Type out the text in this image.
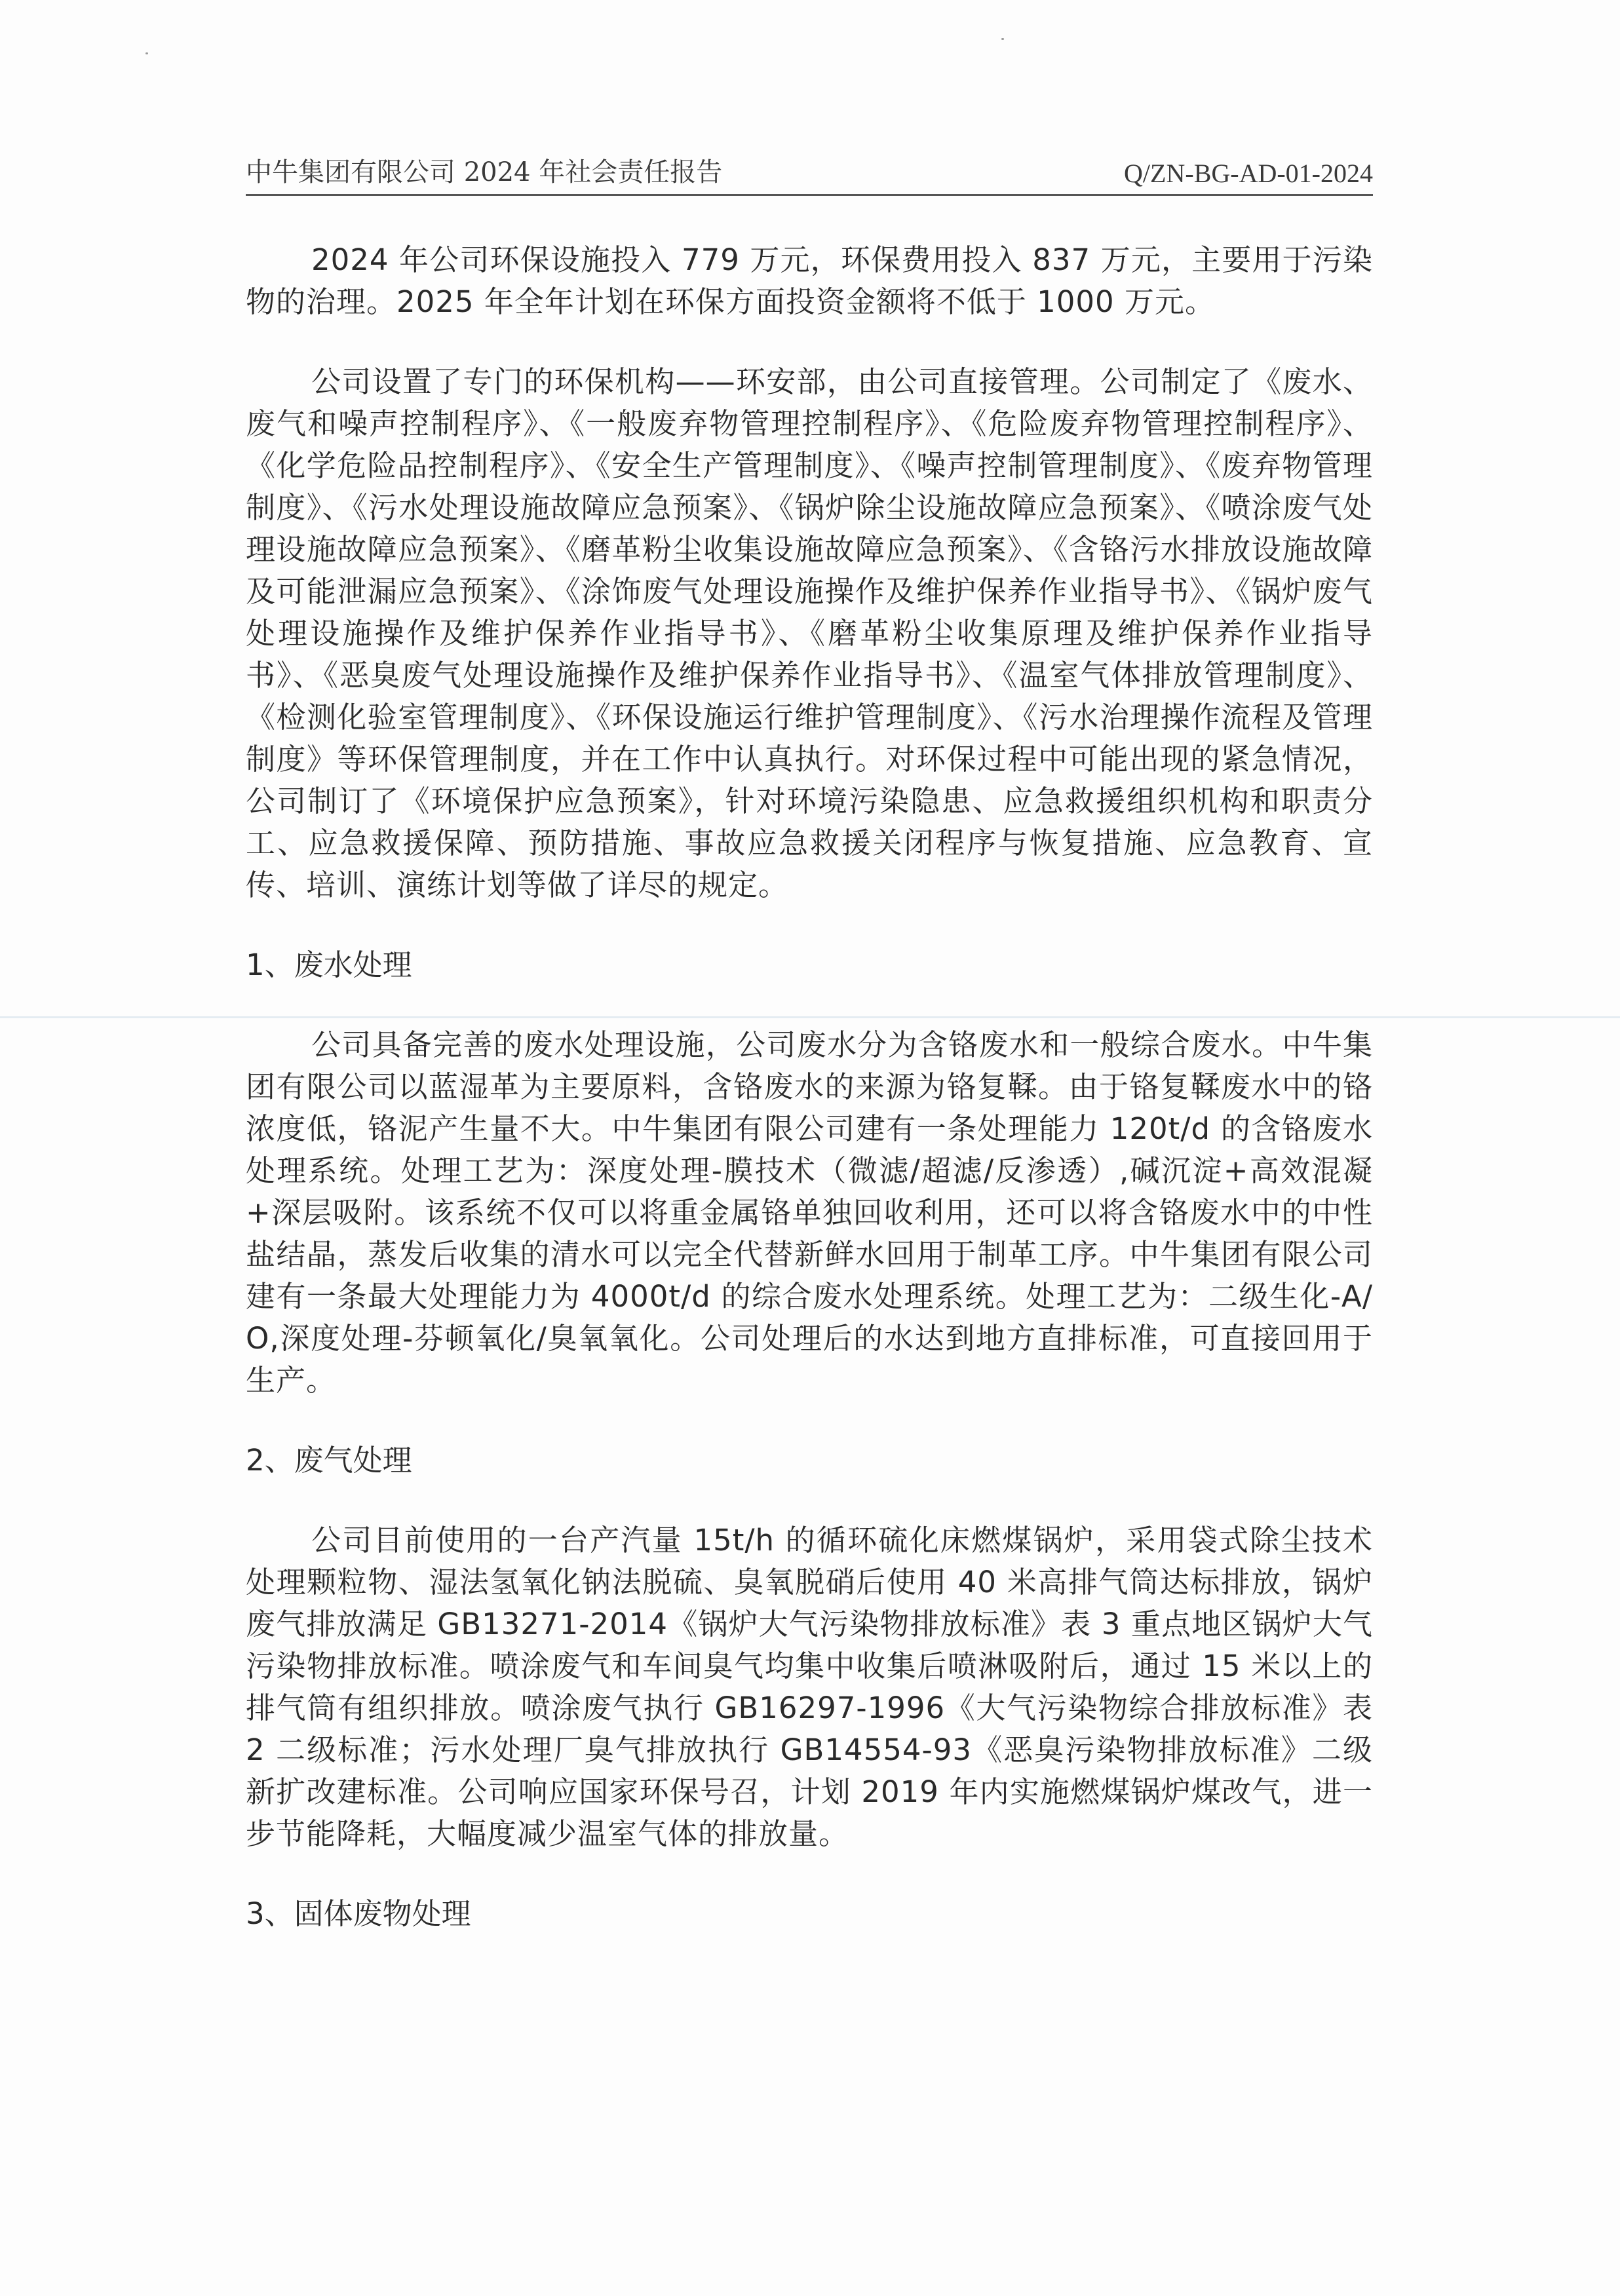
中牛集团有限公司 2024 年社会责任报告	Q/ZN-BG-AD-01-2024

2024 年公司环保设施投入 779 万元，环保费用投入 837 万元，主要用于污染物的治理。2025 年全年计划在环保方面投资金额将不低于 1000 万元。

公司设置了专门的环保机构——环安部，由公司直接管理。公司制定了《废水、废气和噪声控制程序》、《一般废弃物管理控制程序》、《危险废弃物管理控制程序》、《化学危险品控制程序》、《安全生产管理制度》、《噪声控制管理制度》、《废弃物管理制度》、《污水处理设施故障应急预案》、《锅炉除尘设施故障应急预案》、《喷涂废气处理设施故障应急预案》、《磨革粉尘收集设施故障应急预案》、《含铬污水排放设施故障及可能泄漏应急预案》、《涂饰废气处理设施操作及维护保养作业指导书》、《锅炉废气处理设施操作及维护保养作业指导书》、《磨革粉尘收集原理及维护保养作业指导书》、《恶臭废气处理设施操作及维护保养作业指导书》、《温室气体排放管理制度》、《检测化验室管理制度》、《环保设施运行维护管理制度》、《污水治理操作流程及管理制度》等环保管理制度，并在工作中认真执行。对环保过程中可能出现的紧急情况，公司制订了《环境保护应急预案》，针对环境污染隐患、应急救援组织机构和职责分工、应急救援保障、预防措施、事故应急救援关闭程序与恢复措施、应急教育、宣传、培训、演练计划等做了详尽的规定。

1、废水处理

公司具备完善的废水处理设施，公司废水分为含铬废水和一般综合废水。中牛集团有限公司以蓝湿革为主要原料，含铬废水的来源为铬复鞣。由于铬复鞣废水中的铬浓度低，铬泥产生量不大。中牛集团有限公司建有一条处理能力 120t/d 的含铬废水处理系统。处理工艺为：深度处理-膜技术（微滤/超滤/反渗透）,碱沉淀+高效混凝+深层吸附。该系统不仅可以将重金属铬单独回收利用，还可以将含铬废水中的中性盐结晶，蒸发后收集的清水可以完全代替新鲜水回用于制革工序。中牛集团有限公司建有一条最大处理能力为 4000t/d 的综合废水处理系统。处理工艺为：二级生化-A/O,深度处理-芬顿氧化/臭氧氧化。公司处理后的水达到地方直排标准，可直接回用于生产。

2、废气处理

公司目前使用的一台产汽量 15t/h 的循环硫化床燃煤锅炉，采用袋式除尘技术处理颗粒物、湿法氢氧化钠法脱硫、臭氧脱硝后使用 40 米高排气筒达标排放，锅炉废气排放满足 GB13271-2014《锅炉大气污染物排放标准》表 3 重点地区锅炉大气污染物排放标准。喷涂废气和车间臭气均集中收集后喷淋吸附后，通过 15 米以上的排气筒有组织排放。喷涂废气执行 GB16297-1996《大气污染物综合排放标准》表 2 二级标准；污水处理厂臭气排放执行 GB14554-93《恶臭污染物排放标准》二级新扩改建标准。公司响应国家环保号召，计划 2019 年内实施燃煤锅炉煤改气，进一步节能降耗，大幅度减少温室气体的排放量。

3、固体废物处理
